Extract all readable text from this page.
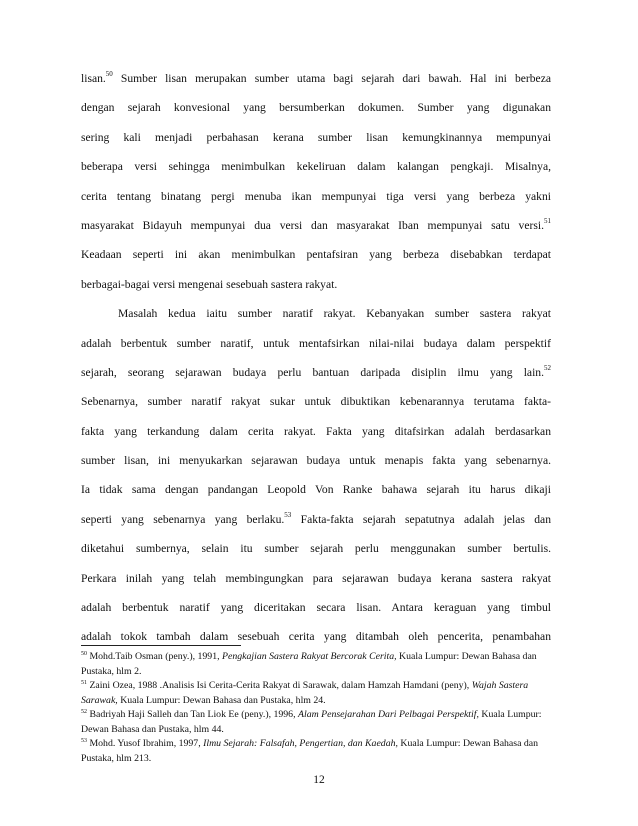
lisan.$^{50}$ Sumber lisan merupakan sumber utama bagi sejarah dari bawah. Hal ini berbeza
dengan sejarah konvesional yang bersumberkan dokumen. Sumber yang digunakan
sering kali menjadi perbahasan kerana sumber lisan kemungkinannya mempunyai
beberapa versi sehingga menimbulkan kekeliruan dalam kalangan pengkaji. Misalnya,
cerita tentang binatang pergi menuba ikan mempunyai tiga versi yang berbeza yakni
masyarakat Bidayuh mempunyai dua versi dan masyarakat Iban mempunyai satu versi.$^{51}$
Keadaan seperti ini akan menimbulkan pentafsiran yang berbeza disebabkan terdapat
berbagai-bagai versi mengenai sesebuah sastera rakyat.
Masalah kedua iaitu sumber naratif rakyat. Kebanyakan sumber sastera rakyat
adalah berbentuk sumber naratif, untuk mentafsirkan nilai-nilai budaya dalam perspektif
sejarah, seorang sejarawan budaya perlu bantuan daripada disiplin ilmu yang lain.$^{52}$
Sebenarnya, sumber naratif rakyat sukar untuk dibuktikan kebenarannya terutama fakta-
fakta yang terkandung dalam cerita rakyat. Fakta yang ditafsirkan adalah berdasarkan
sumber lisan, ini menyukarkan sejarawan budaya untuk menapis fakta yang sebenarnya.
Ia tidak sama dengan pandangan Leopold Von Ranke bahawa sejarah itu harus dikaji
seperti yang sebenarnya yang berlaku.$^{53}$ Fakta-fakta sejarah sepatutnya adalah jelas dan
diketahui sumbernya, selain itu sumber sejarah perlu menggunakan sumber bertulis.
Perkara inilah yang telah membingungkan para sejarawan budaya kerana sastera rakyat
adalah berbentuk naratif yang diceritakan secara lisan. Antara keraguan yang timbul
adalah tokok tambah dalam sesebuah cerita yang ditambah oleh pencerita, penambahan

$^{50}$ Mohd.Taib Osman (peny.), 1991, Pengkajian Sastera Rakyat Bercorak Cerita, Kuala Lumpur: Dewan Bahasa dan Pustaka, hlm 2.

$^{51}$ Zaini Ozea, 1988 .Analisis Isi Cerita-Cerita Rakyat di Sarawak, dalam Hamzah Hamdani (peny), Wajah Sastera Sarawak, Kuala Lumpur: Dewan Bahasa dan Pustaka, hlm 24.

$^{52}$ Badriyah Haji Salleh dan Tan Liok Ee (peny.), 1996, Alam Pensejarahan Dari Pelbagai Perspektif, Kuala Lumpur: Dewan Bahasa dan Pustaka, hlm 44.

$^{53}$ Mohd. Yusof Ibrahim, 1997, Ilmu Sejarah: Falsafah, Pengertian, dan Kaedah, Kuala Lumpur: Dewan Bahasa dan Pustaka, hlm 213.

12
